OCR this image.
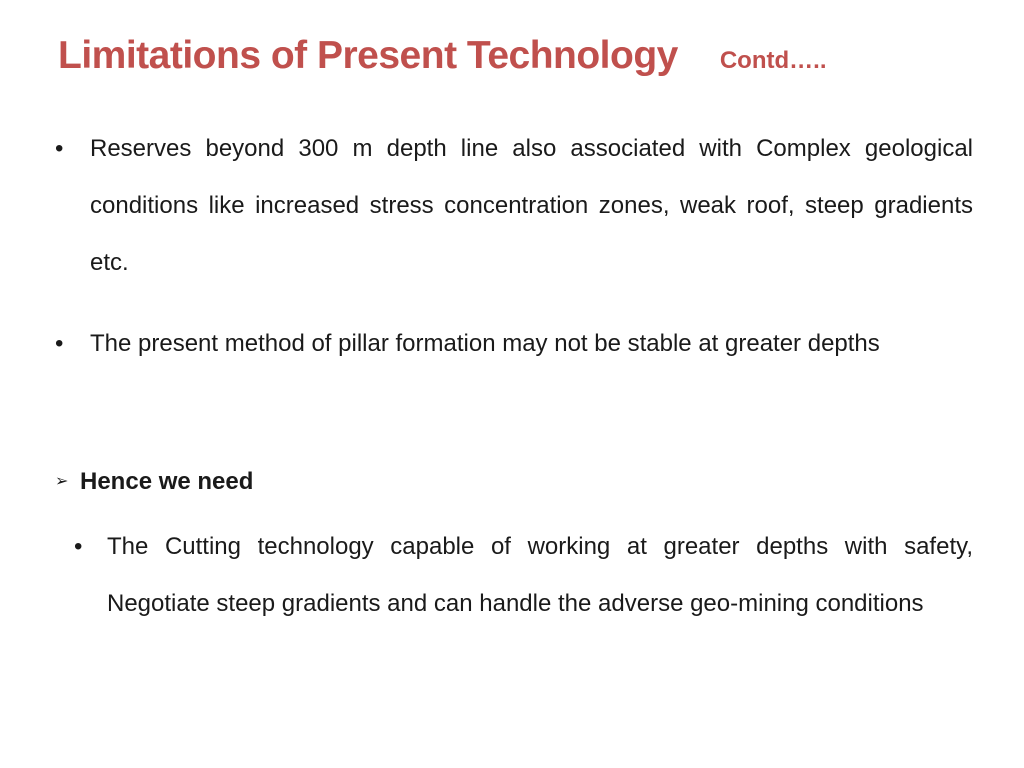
Limitations of Present Technology Contd…..
•	Reserves beyond 300 m depth line also associated with Complex geological conditions like increased stress concentration zones, weak roof, steep gradients etc.
•	The present method of pillar formation may not be stable at greater depths
➢ Hence we need
•	The Cutting technology capable of working at greater depths with safety, Negotiate steep gradients and can handle the adverse geo-mining conditions
